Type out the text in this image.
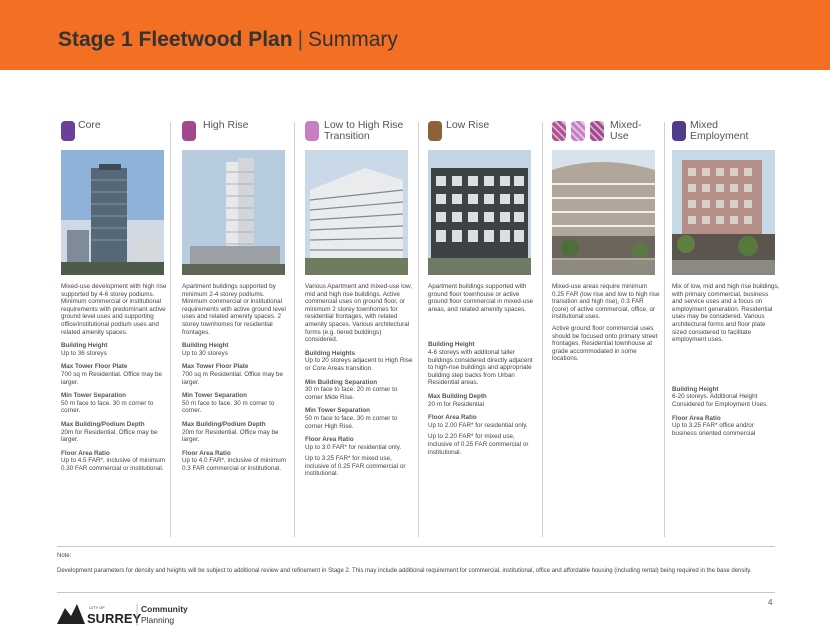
Stage 1 Fleetwood Plan | Summary
Core

Mixed-use development with high rise supported by 4-6 storey podiums. Minimum commercial or institutional requirements with predominant active ground level uses and supporting office/institutional podium uses and related amenity spaces.

Building Height
Up to 36 storeys
Max Tower Floor Plate
700 sq m Residential. Office may be larger.
Min Tower Separation
50 m face to face. 30 m corner to corner.
Max Building/Podium Depth
20m for Residential. Office may be larger.
Floor Area Ratio
Up to 4.5 FAR*, inclusive of minimum 0.30 FAR commercial or institutional.
High Rise

Apartment buildings supported by minimum 2-4 storey podiums. Minimum commercial or institutional requirements with active ground level uses and related amenity spaces. 2 storey townhomes for residential frontages.

Building Height
Up to 30 storeys
Max Tower Floor Plate
700 sq m Residential. Office may be larger.
Min Tower Separation
50 m face to face. 30 m corner to corner.
Max Building/Podium Depth
20m for Residential. Office may be larger.
Floor Area Ratio
Up to 4.0 FAR*, inclusive of minimum 0.3 FAR commercial or institutional.
Low to High Rise
Transition

Various Apartment and mixed-use low, mid and high rise buildings. Active commercial uses on ground floor, or minimum 2 storey townhomes for residential frontages, with related amenity spaces. Various architectural forms (e.g. tiered buildings) considered.

Building Heights
Up to 20 storeys adjacent to High Rise or Core Areas transition.
Min Building Separation
30 m face to face. 20 m corner to corner Mide Rise.
Min Tower Separation
50 m face to face. 30 m corner to corner High Rise.
Floor Area Ratio
Up to 3.0 FAR* for residential only.
Up to 3.25 FAR* for mixed use, inclusive of 0.25 FAR commercial or institutional.
Low Rise

Apartment buildings supported with ground floor townhouse or active ground floor commercial in mixed-use areas, and related amenity spaces.

Building Height
4-6 storeys with additonal taller buildings considered directly adjacent to high-rise buildings and appropriate building step backs from Urban Residential areas.
Max Building Depth
20 m for Residential
Floor Area Ratio
Up to 2.00 FAR* for residential only.
Up to 2.20 FAR* for mixed use, inclusive of 0.25 FAR commercial or institutional.
Mixed-
Use

Mixed-use areas require minimum 0.25 FAR (low rise and low to high rise transition and high rise), 0.3 FAR (core) of active commercial, office, or institutional uses.

Active ground floor commercial uses should be focused onto primary street frontages. Residential townhouse at grade accommodated in some locations.

Mixed
Employment

Mix of low, mid and high rise buildings, with primary commercial, business and service uses and a focus on employment generation. Residential uses may be considered. Various architectural forms and floor plate sized considered to facilitate employment uses.

Building Height
6-20 storeys. Additional Height Considered for Employment Uses.
Floor Area Ratio
Up to 3.25 FAR* office and/or business oriented commercial
Note:
Development parameters for density and heights will be subject to additional review and refinement in Stage 2. This may include additional requirement for commercial, institutional, office and affordable housing (including rental) being required in the base density.
CITY OF
SURREY
Community
Planning
4
